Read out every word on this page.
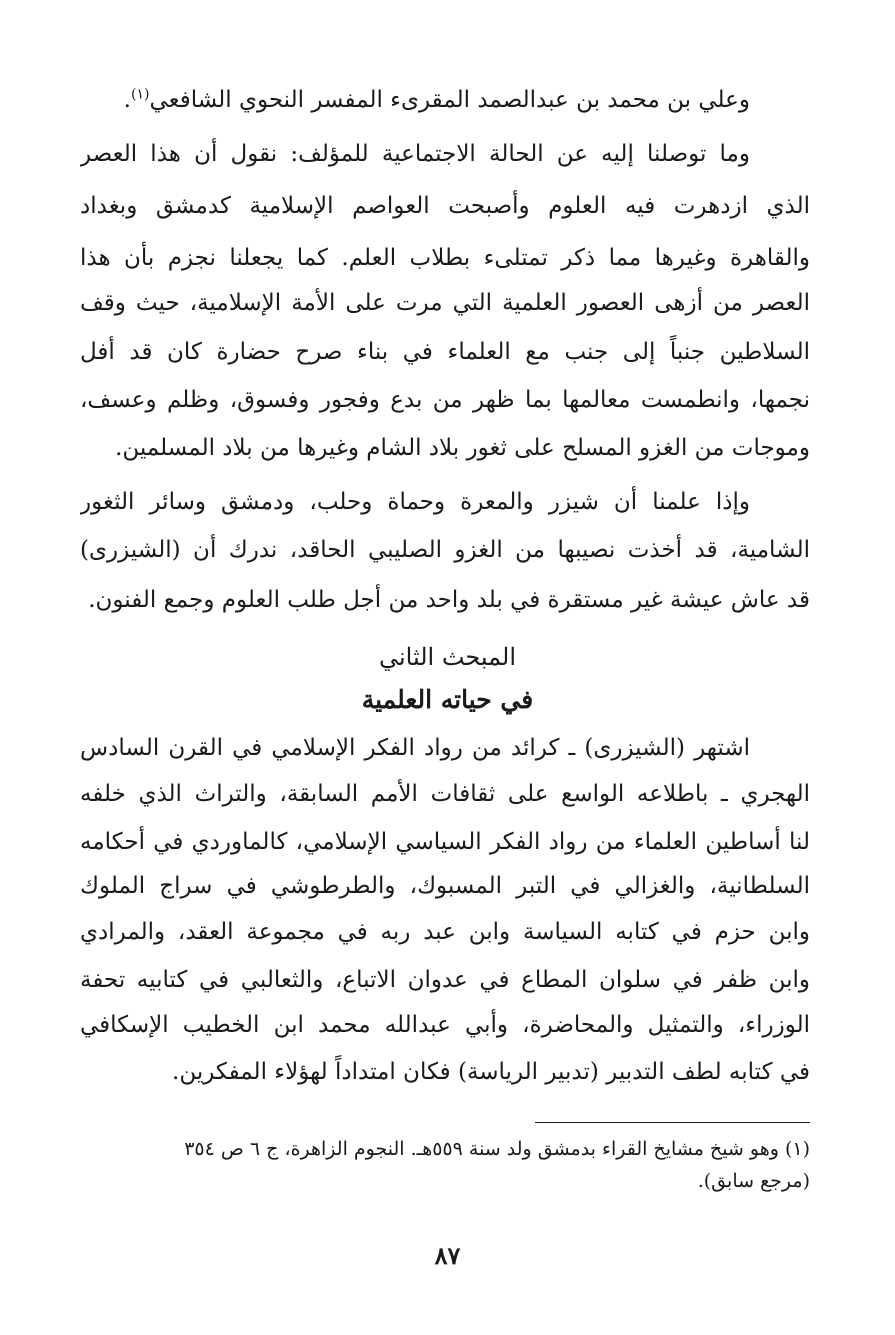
وعلي بن محمد بن عبدالصمد المقرىء المفسر النحوي الشافعي$^{(١)}$.
وما توصلنا إليه عن الحالة الاجتماعية للمؤلف: نقول أن هذا العصر
الذي ازدهرت فيه العلوم وأصبحت العواصم الإسلامية كدمشق وبغداد
والقاهرة وغيرها مما ذكر تمتلىء بطلاب العلم. كما يجعلنا نجزم بأن هذا
العصر من أزهى العصور العلمية التي مرت على الأمة الإسلامية، حيث وقف
السلاطين جنباً إلى جنب مع العلماء في بناء صرح حضارة كان قد أفل
نجمها، وانطمست معالمها بما ظهر من بدع وفجور وفسوق، وظلم وعسف،
وموجات من الغزو المسلح على ثغور بلاد الشام وغيرها من بلاد المسلمين.
وإذا علمنا أن شيزر والمعرة وحماة وحلب، ودمشق وسائر الثغور
الشامية، قد أخذت نصيبها من الغزو الصليبي الحاقد، ندرك أن (الشيزرى)
قد عاش عيشة غير مستقرة في بلد واحد من أجل طلب العلوم وجمع الفنون.
المبحث الثاني
في حياته العلمية
اشتهر (الشيزرى) ـ كرائد من رواد الفكر الإسلامي في القرن السادس
الهجري ـ باطلاعه الواسع على ثقافات الأمم السابقة، والتراث الذي خلفه
لنا أساطين العلماء من رواد الفكر السياسي الإسلامي، كالماوردي في أحكامه
السلطانية، والغزالي في التبر المسبوك، والطرطوشي في سراج الملوك
وابن حزم في كتابه السياسة وابن عبد ربه في مجموعة العقد، والمرادي
وابن ظفر في سلوان المطاع في عدوان الاتباع، والثعالبي في كتابيه تحفة
الوزراء، والتمثيل والمحاضرة، وأبي عبدالله محمد ابن الخطيب الإسكافي
في كتابه لطف التدبير (تدبير الرياسة) فكان امتداداً لهؤلاء المفكرين.
(١) وهو شيخ مشايخ القراء بدمشق ولد سنة ٥٥٩هـ. النجوم الزاهرة، ج ٦ ص ٣٥٤
(مرجع سابق).
٨٧
